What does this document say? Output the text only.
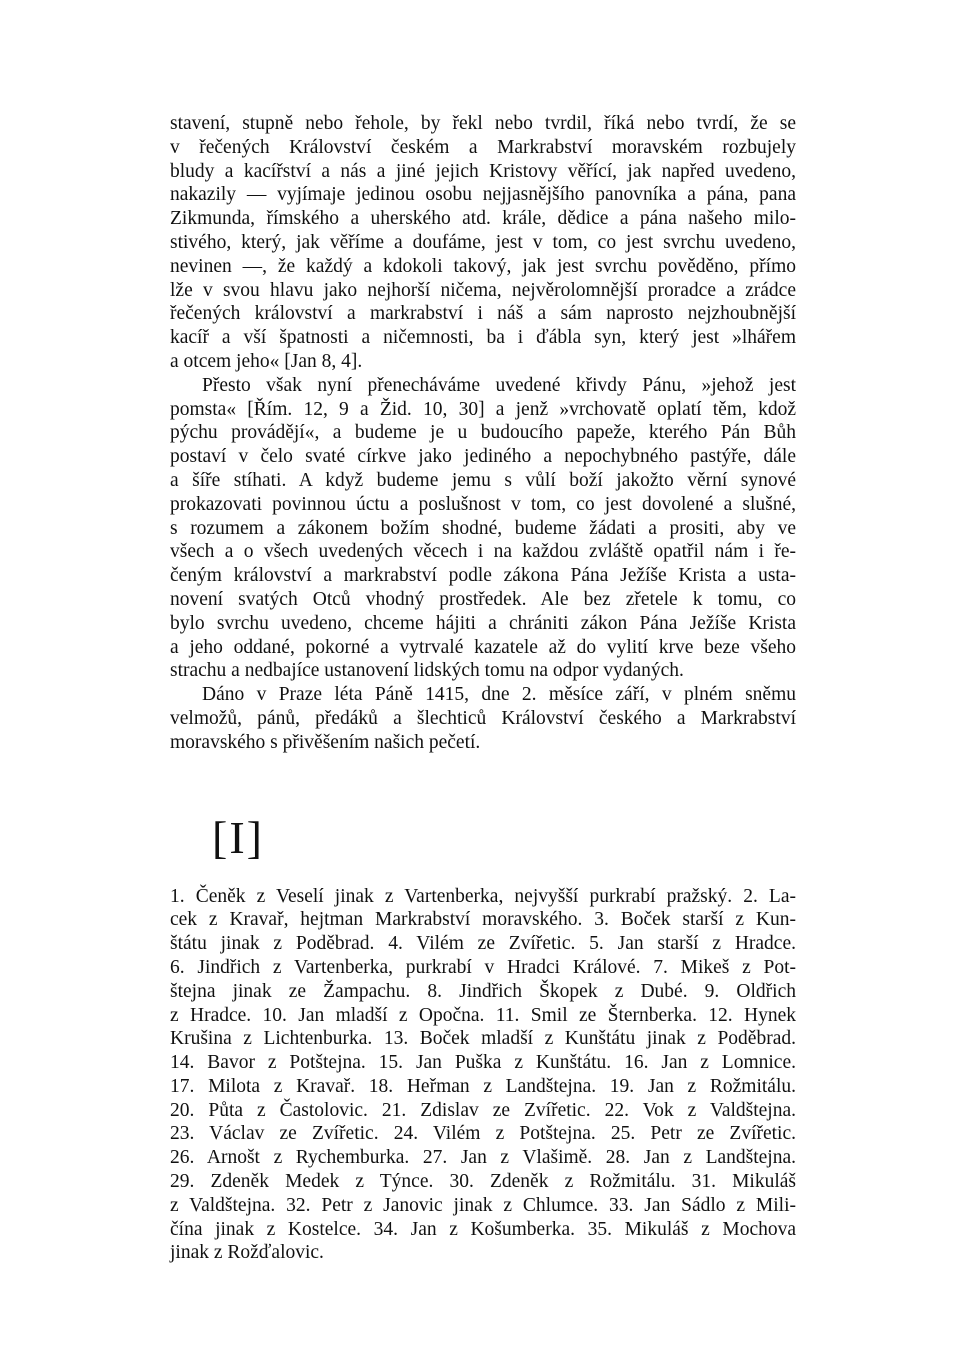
stavení, stupně nebo řehole, by řekl nebo tvrdil, říká nebo tvrdí, že se
v řečených Království českém a Markrabství moravském rozbujely
bludy a kacířství a nás a jiné jejich Kristovy věřící, jak napřed uvedeno,
nakazily — vyjímaje jedinou osobu nejjasnějšího panovníka a pána, pana
Zikmunda, římského a uherského atd. krále, dědice a pána našeho milo-
stivého, který, jak věříme a doufáme, jest v tom, co jest svrchu uvedeno,
nevinen —, že každý a kdokoli takový, jak jest svrchu pověděno, přímo
lže v svou hlavu jako nejhorší ničema, nejvěrolomnější proradce a zrádce
řečených království a markrabství i náš a sám naprosto nejzhoubnější
kacíř a vší špatnosti a ničemnosti, ba i ďábla syn, který jest »lhářem
a otcem jeho« [Jan 8, 4].

Přesto však nyní přenecháváme uvedené křivdy Pánu, »jehož jest
pomsta« [Řím. 12, 9 a Žid. 10, 30] a jenž »vrchovatě oplatí těm, kdož
pýchu provádějí«, a budeme je u budoucího papeže, kterého Pán Bůh
postaví v čelo svaté církve jako jediného a nepochybného pastýře, dále
a šíře stíhati. A když budeme jemu s vůlí boží jakožto věrní synové
prokazovati povinnou úctu a poslušnost v tom, co jest dovolené a slušné,
s rozumem a zákonem božím shodné, budeme žádati a prositi, aby ve
všech a o všech uvedených věcech i na každou zvláště opatřil nám i ře-
čeným království a markrabství podle zákona Pána Ježíše Krista a usta-
novení svatých Otců vhodný prostředek. Ale bez zřetele k tomu, co
bylo svrchu uvedeno, chceme hájiti a chrániti zákon Pána Ježíše Krista
a jeho oddané, pokorné a vytrvalé kazatele až do vylití krve beze všeho
strachu a nedbajíce ustanovení lidských tomu na odpor vydaných.

Dáno v Praze léta Páně 1415, dne 2. měsíce září, v plném sněmu
velmožů, pánů, předáků a šlechticů Království českého a Markrabství
moravského s přivěšením našich pečetí.

[I]

1. Čeněk z Veselí jinak z Vartenberka, nejvyšší purkrabí pražský. 2. La-
cek z Kravař, hejtman Markrabství moravského. 3. Boček starší z Kun-
štátu jinak z Poděbrad. 4. Vilém ze Zvířetic. 5. Jan starší z Hradce.
6. Jindřich z Vartenberka, purkrabí v Hradci Králové. 7. Mikeš z Pot-
štejna jinak ze Žampachu. 8. Jindřich Škopek z Dubé. 9. Oldřich
z Hradce. 10. Jan mladší z Opočna. 11. Smil ze Šternberka. 12. Hynek
Krušina z Lichtenburka. 13. Boček mladší z Kunštátu jinak z Poděbrad.
14. Bavor z Potštejna. 15. Jan Puška z Kunštátu. 16. Jan z Lomnice.
17. Milota z Kravař. 18. Heřman z Landštejna. 19. Jan z Rožmitálu.
20. Půta z Častolovic. 21. Zdislav ze Zvířetic. 22. Vok z Valdštejna.
23. Václav ze Zvířetic. 24. Vilém z Potštejna. 25. Petr ze Zvířetic.
26. Arnošt z Rychemburka. 27. Jan z Vlašimě. 28. Jan z Landštejna.
29. Zdeněk Medek z Týnce. 30. Zdeněk z Rožmitálu. 31. Mikuláš
z Valdštejna. 32. Petr z Janovic jinak z Chlumce. 33. Jan Sádlo z Mili-
čína jinak z Kostelce. 34. Jan z Košumberka. 35. Mikuláš z Mochova
jinak z Rožďalovic.
